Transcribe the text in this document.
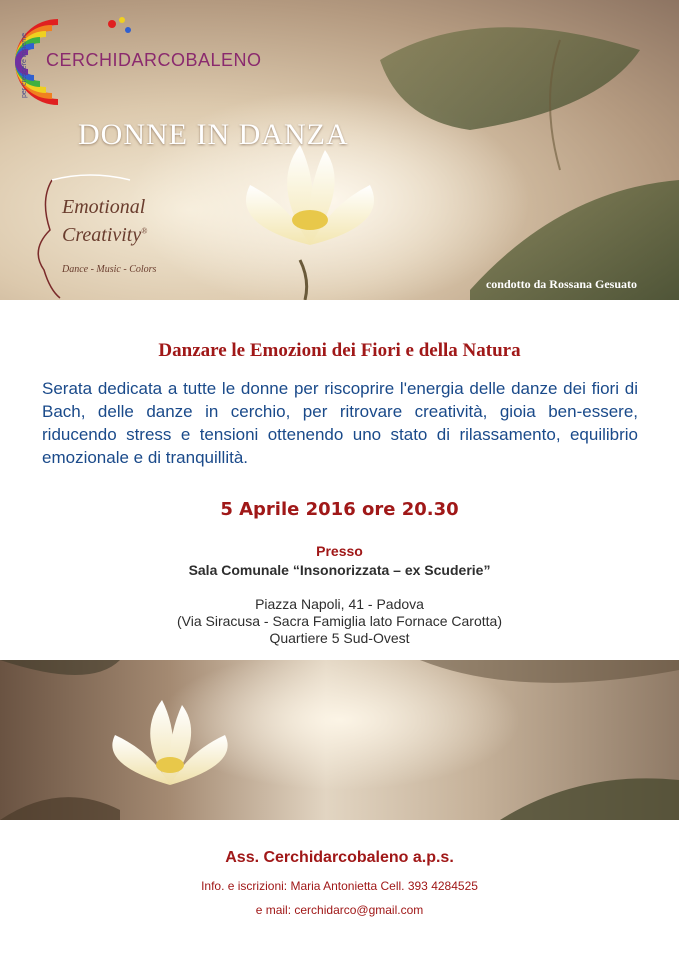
per crescere insieme CERCHIDARCOBALENO
DONNE IN DANZA
Emotional
Creativity®
Dance - Music - Colors
condotto da Rossana Gesuato
Danzare le Emozioni dei Fiori e della Natura
Serata dedicata a tutte le donne per riscoprire l'energia delle danze dei fiori di Bach, delle danze in cerchio, per ritrovare creatività, gioia ben-essere, riducendo stress e tensioni ottenendo uno stato di rilassamento, equilibrio emozionale e di tranquillità.
5 Aprile 2016 ore 20.30
Presso
Sala Comunale “Insonorizzata – ex Scuderie”
Piazza Napoli, 41 - Padova
(Via Siracusa - Sacra Famiglia lato Fornace Carotta)
Quartiere 5 Sud-Ovest
Ass. Cerchidarcobaleno a.p.s.
Info. e iscrizioni: Maria Antonietta Cell. 393 4284525
e mail: cerchidarco@gmail.com
